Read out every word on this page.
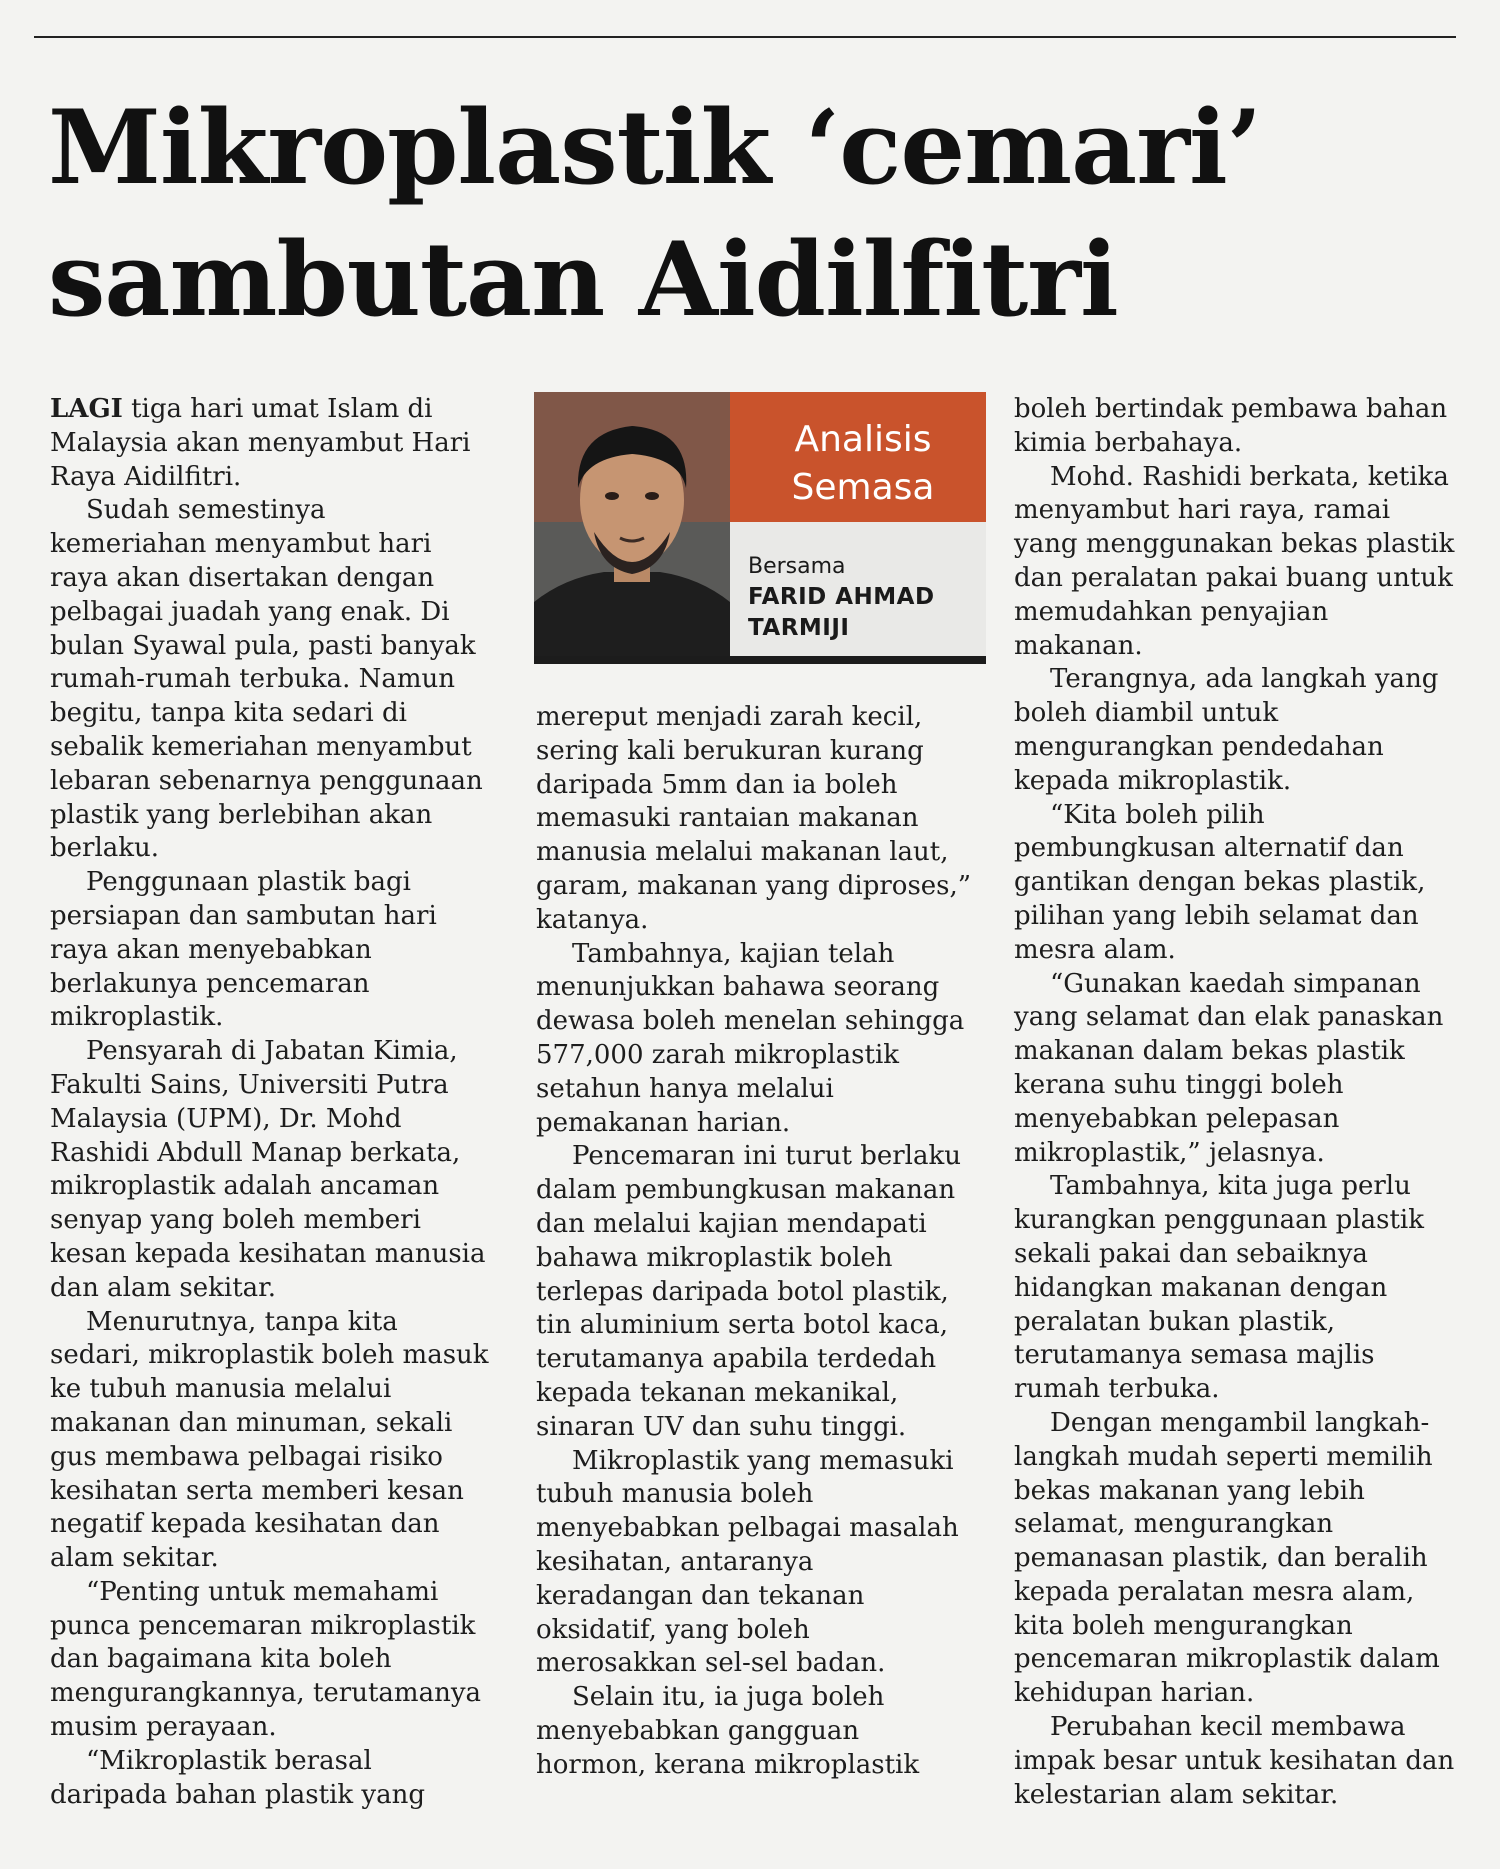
Mikroplastik ‘cemari’
sambutan Aidilfitri

LAGI tiga hari umat Islam di Malaysia akan menyambut Hari Raya Aidilfitri.

Sudah semestinya kemeriahan menyambut hari raya akan disertakan dengan pelbagai juadah yang enak. Di bulan Syawal pula, pasti banyak rumah-rumah terbuka. Namun begitu, tanpa kita sedari di sebalik kemeriahan menyambut lebaran sebenarnya penggunaan plastik yang berlebihan akan berlaku.

Penggunaan plastik bagi persiapan dan sambutan hari raya akan menyebabkan berlakunya pencemaran mikroplastik.

Pensyarah di Jabatan Kimia, Fakulti Sains, Universiti Putra Malaysia (UPM), Dr. Mohd Rashidi Abdull Manap berkata, mikroplastik adalah ancaman senyap yang boleh memberi kesan kepada kesihatan manusia dan alam sekitar.

Menurutnya, tanpa kita sedari, mikroplastik boleh masuk ke tubuh manusia melalui makanan dan minuman, sekali gus membawa pelbagai risiko kesihatan serta memberi kesan negatif kepada kesihatan dan alam sekitar.

“Penting untuk memahami punca pencemaran mikroplastik dan bagaimana kita boleh mengurangkannya, terutamanya musim perayaan.

“Mikroplastik berasal daripada bahan plastik yang

Analisis
Semasa
Bersama
FARID AHMAD
TARMIJI

mereput menjadi zarah kecil, sering kali berukuran kurang daripada 5mm dan ia boleh memasuki rantaian makanan manusia melalui makanan laut, garam, makanan yang diproses,” katanya.

Tambahnya, kajian telah menunjukkan bahawa seorang dewasa boleh menelan sehingga 577,000 zarah mikroplastik setahun hanya melalui pemakanan harian.

Pencemaran ini turut berlaku dalam pembungkusan makanan dan melalui kajian mendapati bahawa mikroplastik boleh terlepas daripada botol plastik, tin aluminium serta botol kaca, terutamanya apabila terdedah kepada tekanan mekanikal, sinaran UV dan suhu tinggi.

Mikroplastik yang memasuki tubuh manusia boleh menyebabkan pelbagai masalah kesihatan, antaranya keradangan dan tekanan oksidatif, yang boleh merosakkan sel-sel badan.

Selain itu, ia juga boleh menyebabkan gangguan hormon, kerana mikroplastik

boleh bertindak pembawa bahan kimia berbahaya.

Mohd. Rashidi berkata, ketika menyambut hari raya, ramai yang menggunakan bekas plastik dan peralatan pakai buang untuk memudahkan penyajian makanan.

Terangnya, ada langkah yang boleh diambil untuk mengurangkan pendedahan kepada mikroplastik.

“Kita boleh pilih pembungkusan alternatif dan gantikan dengan bekas plastik, pilihan yang lebih selamat dan mesra alam.

“Gunakan kaedah simpanan yang selamat dan elak panaskan makanan dalam bekas plastik kerana suhu tinggi boleh menyebabkan pelepasan mikroplastik,” jelasnya.

Tambahnya, kita juga perlu kurangkan penggunaan plastik sekali pakai dan sebaiknya hidangkan makanan dengan peralatan bukan plastik, terutamanya semasa majlis rumah terbuka.

Dengan mengambil langkah-langkah mudah seperti memilih bekas makanan yang lebih selamat, mengurangkan pemanasan plastik, dan beralih kepada peralatan mesra alam, kita boleh mengurangkan pencemaran mikroplastik dalam kehidupan harian.

Perubahan kecil membawa impak besar untuk kesihatan dan kelestarian alam sekitar.
